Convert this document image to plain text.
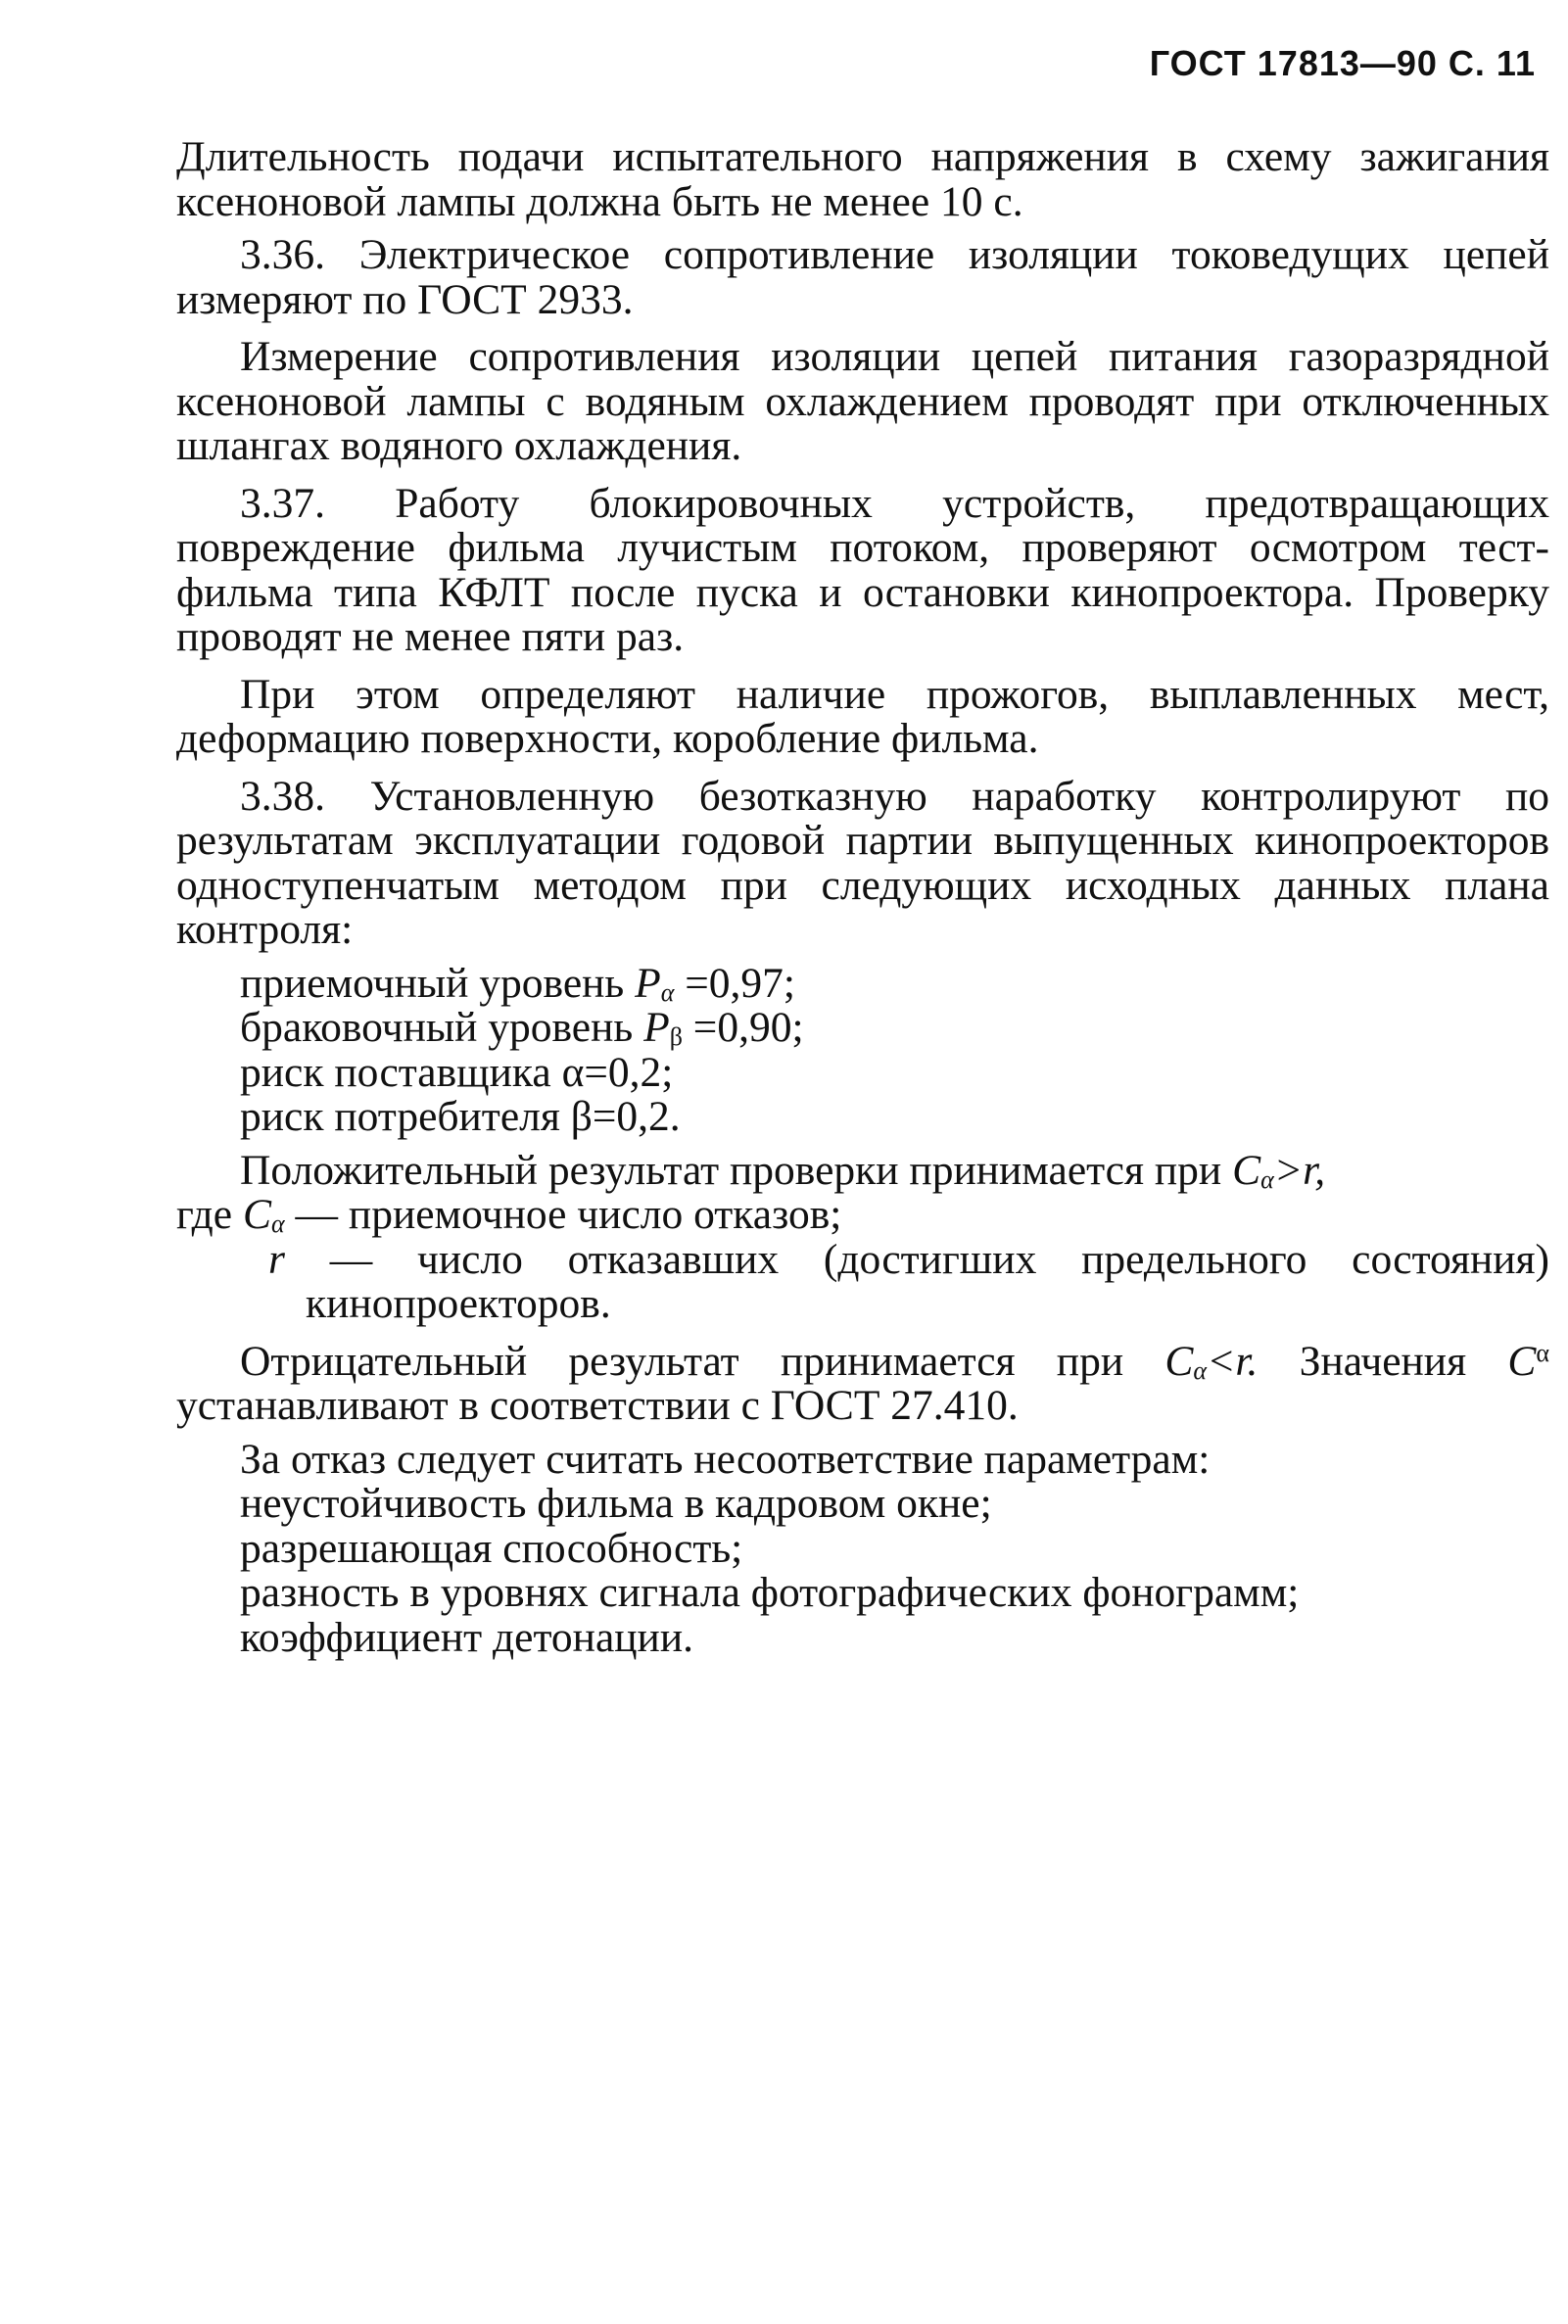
ГОСТ 17813—90 С. 11

Длительность подачи испытательного напряжения в схему зажигания ксеноновой лампы должна быть не менее 10 с.

3.36. Электрическое сопротивление изоляции токоведущих цепей измеряют по ГОСТ 2933.

Измерение сопротивления изоляции цепей питания газоразрядной ксеноновой лампы с водяным охлаждением проводят при отключенных шлангах водяного охлаждения.

3.37. Работу блокировочных устройств, предотвращающих повреждение фильма лучистым потоком, проверяют осмотром тест-фильма типа КФЛТ после пуска и остановки кинопроектора. Проверку проводят не менее пяти раз.

При этом определяют наличие прожогов, выплавленных мест, деформацию поверхности, коробление фильма.

3.38. Установленную безотказную наработку контролируют по результатам эксплуатации годовой партии выпущенных кинопроекторов одноступенчатым методом при следующих исходных данных плана контроля:

приемочный уровень $P_\alpha =0,97$;

браковочный уровень $P_\beta =0,90$;

риск поставщика α=0,2;

риск потребителя β=0,2.

Положительный результат проверки принимается при $C_\alpha>r$,

где $C_\alpha$ — приемочное число отказов;

r — число отказавших (достигших предельного состояния) кинопроекторов.

Отрицательный результат принимается при $C_\alpha<r$. Значения $C^\alpha$ устанавливают в соответствии с ГОСТ 27.410.

За отказ следует считать несоответствие параметрам:

неустойчивость фильма в кадровом окне;

разрешающая способность;

разность в уровнях сигнала фотографических фонограмм;

коэффициент детонации.
